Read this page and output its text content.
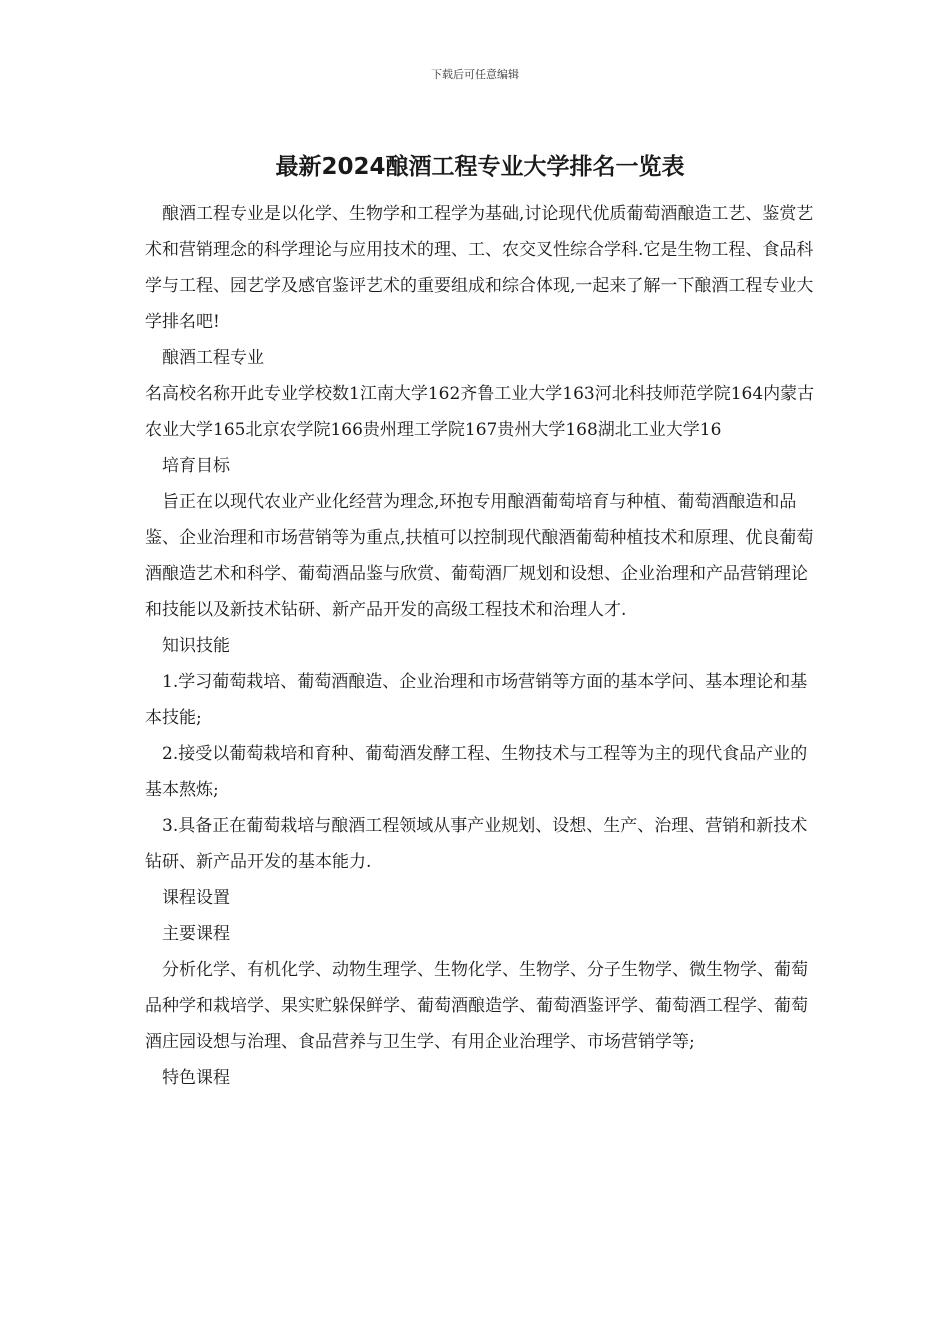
下载后可任意编辑
最新2024酿酒工程专业大学排名一览表

酿酒工程专业是以化学、生物学和工程学为基础,讨论现代优质葡萄酒酿造工艺、鉴赏艺术和营销理念的科学理论与应用技术的理、工、农交叉性综合学科.它是生物工程、食品科学与工程、园艺学及感官鉴评艺术的重要组成和综合体现,一起来了解一下酿酒工程专业大学排名吧!

酿酒工程专业

名高校名称开此专业学校数1江南大学162齐鲁工业大学163河北科技师范学院164内蒙古农业大学165北京农学院166贵州理工学院167贵州大学168湖北工业大学16

培育目标

旨正在以现代农业产业化经营为理念,环抱专用酿酒葡萄培育与种植、葡萄酒酿造和品鉴、企业治理和市场营销等为重点,扶植可以控制现代酿酒葡萄种植技术和原理、优良葡萄酒酿造艺术和科学、葡萄酒品鉴与欣赏、葡萄酒厂规划和设想、企业治理和产品营销理论和技能以及新技术钻研、新产品开发的高级工程技术和治理人才.

知识技能

1.学习葡萄栽培、葡萄酒酿造、企业治理和市场营销等方面的基本学问、基本理论和基本技能;

2.接受以葡萄栽培和育种、葡萄酒发酵工程、生物技术与工程等为主的现代食品产业的基本熬炼;

3.具备正在葡萄栽培与酿酒工程领域从事产业规划、设想、生产、治理、营销和新技术钻研、新产品开发的基本能力.

课程设置

主要课程

分析化学、有机化学、动物生理学、生物化学、生物学、分子生物学、微生物学、葡萄品种学和栽培学、果实贮躲保鲜学、葡萄酒酿造学、葡萄酒鉴评学、葡萄酒工程学、葡萄酒庄园设想与治理、食品营养与卫生学、有用企业治理学、市场营销学等;

特色课程
